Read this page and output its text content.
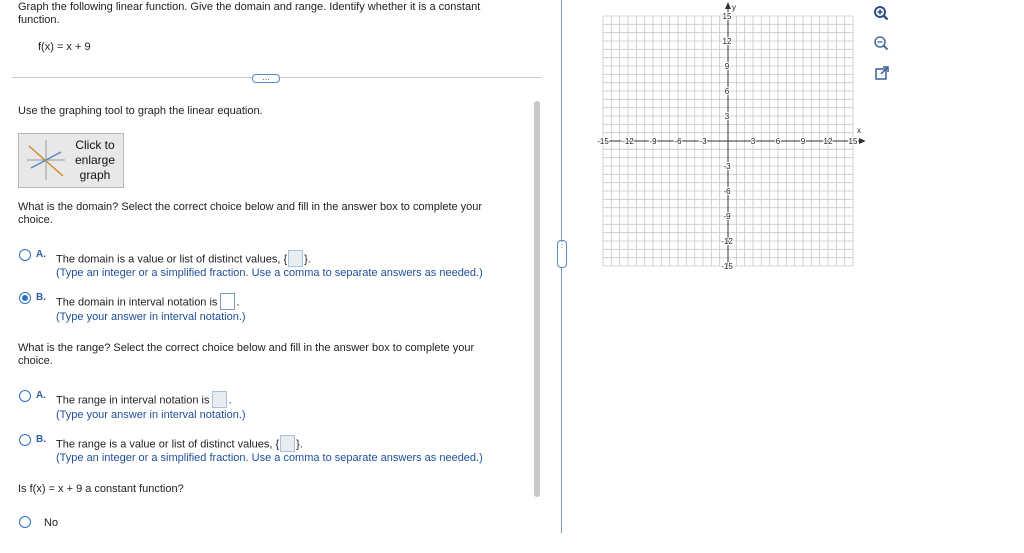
Graph the following linear function. Give the domain and range. Identify whether it is a constant function.
f(x) = x + 9
...
Use the graphing tool to graph the linear equation.
Click to
enlarge
graph
What is the domain? Select the correct choice below and fill in the answer box to complete your choice.
A. The domain is a value or list of distinct values, { }.
(Type an integer or a simplified fraction. Use a comma to separate answers as needed.)
B. The domain in interval notation is .
(Type your answer in interval notation.)
What is the range? Select the correct choice below and fill in the answer box to complete your choice.
A. The range in interval notation is .
(Type your answer in interval notation.)
B. The range is a value or list of distinct values, { }.
(Type an integer or a simplified fraction. Use a comma to separate answers as needed.)
Is f(x) = x + 9 a constant function?
No
⋮
x
y
-15 -12 -9 -6 -3	3	6	9 12 15
15
12
9
6
3
-3
-6
-9
-12
-15
